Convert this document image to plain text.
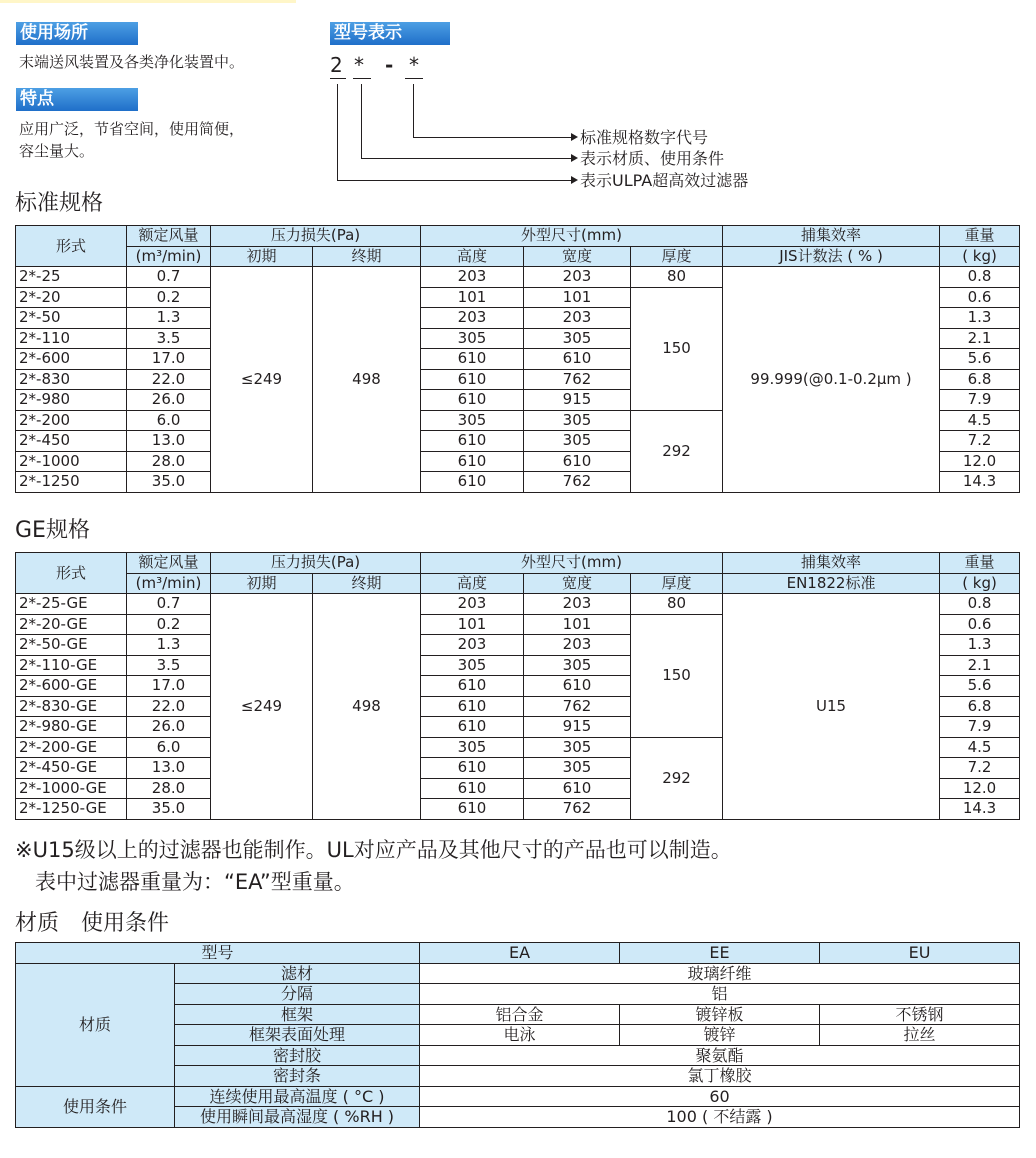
使用场所

末端送风装置及各类净化装置中。

特点

应用广泛，节省空间，使用简便，

容尘量大。

型号表示
2 * - *
标准规格数字代号
表示材质、使用条件
表示ULPA超高效过滤器
标准规格
形式	额定风量	压力损失(Pa)		外型尺寸(mm)			捕集效率	重量
	(m³/min)	初期	终期	高度	宽度	厚度	JIS计数法 ( % )	( kg)
2*-25	0.7	≤249	498	203	203	80	99.999(@0.1-0.2μm )	0.8
2*-20	0.2			101	101	150		0.6
2*-50	1.3			203	203			1.3
2*-110	3.5			305	305			2.1
2*-600	17.0			610	610			5.6
2*-830	22.0			610	762			6.8
2*-980	26.0			610	915			7.9
2*-200	6.0			305	305	292		4.5
2*-450	13.0			610	305			7.2
2*-1000	28.0			610	610			12.0
2*-1250	35.0			610	762			14.3
GE规格
形式	额定风量	压力损失(Pa)		外型尺寸(mm)			捕集效率	重量
	(m³/min)	初期	终期	高度	宽度	厚度	EN1822标准	( kg)
2*-25-GE	0.7	≤249	498	203	203	80	U15	0.8
2*-20-GE	0.2			101	101	150		0.6
2*-50-GE	1.3			203	203			1.3
2*-110-GE	3.5			305	305			2.1
2*-600-GE	17.0			610	610			5.6
2*-830-GE	22.0			610	762			6.8
2*-980-GE	26.0			610	915			7.9
2*-200-GE	6.0			305	305	292		4.5
2*-450-GE	13.0			610	305			7.2
2*-1000-GE	28.0			610	610			12.0
2*-1250-GE	35.0			610	762			14.3

※U15级以上的过滤器也能制作。UL对应产品及其他尺寸的产品也可以制造。

表中过滤器重量为：“EA”型重量。

材质　使用条件
型号		EA	EE	EU
材质	滤材	玻璃纤维		
	分隔	铝		
	框架	铝合金	镀锌板	不锈钢
	框架表面处理	电泳	镀锌	拉丝
	密封胶	聚氨酯		
	密封条	氯丁橡胶		
使用条件	连续使用最高温度 ( °C )	60		
	使用瞬间最高湿度 ( %RH )	100 ( 不结露 )		
